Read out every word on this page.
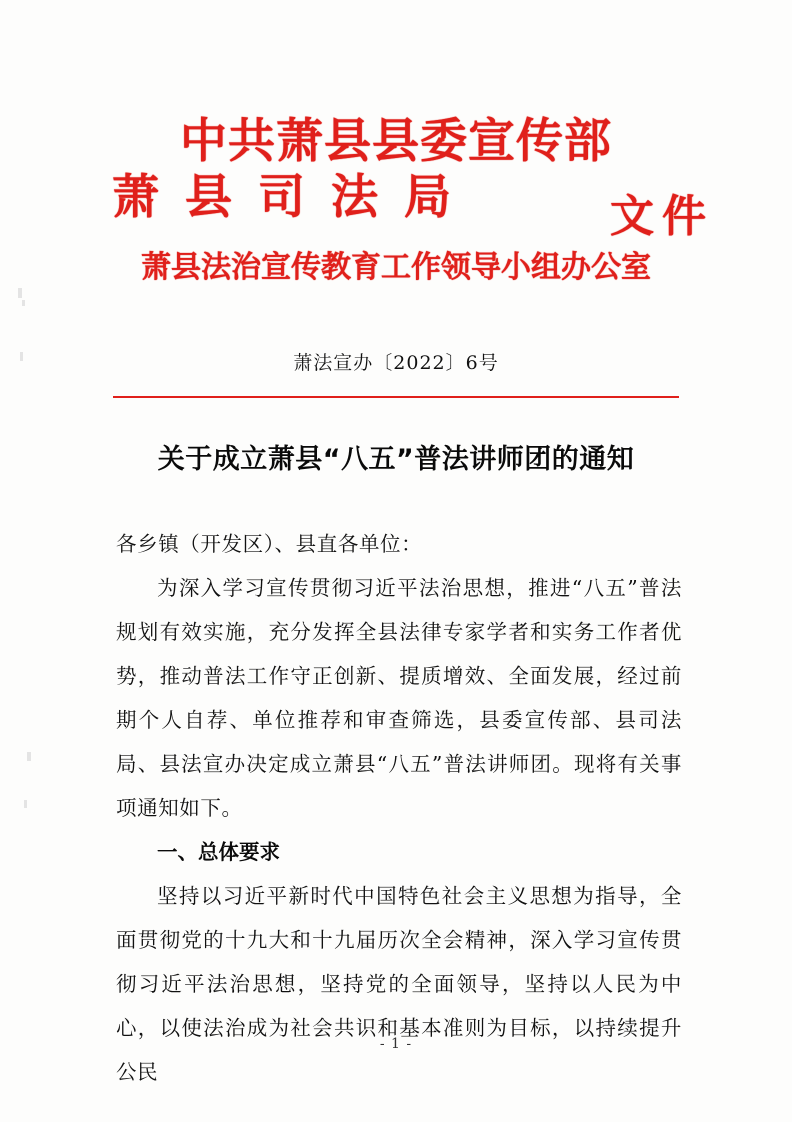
中共萧县县委宣传部
萧县司法局	文件
萧县法治宣传教育工作领导小组办公室
萧法宣办〔2022〕6号
关于成立萧县“八五”普法讲师团的通知

各乡镇（开发区）、县直各单位：

为深入学习宣传贯彻习近平法治思想，推进“八五”普法规划有效实施，充分发挥全县法律专家学者和实务工作者优势，推动普法工作守正创新、提质增效、全面发展，经过前期个人自荐、单位推荐和审查筛选，县委宣传部、县司法局、县法宣办决定成立萧县“八五”普法讲师团。现将有关事项通知如下。

一、总体要求

坚持以习近平新时代中国特色社会主义思想为指导，全面贯彻党的十九大和十九届历次全会精神，深入学习宣传贯彻习近平法治思想，坚持党的全面领导，坚持以人民为中心，以使法治成为社会共识和基本准则为目标，以持续提升公民

- 1 -
